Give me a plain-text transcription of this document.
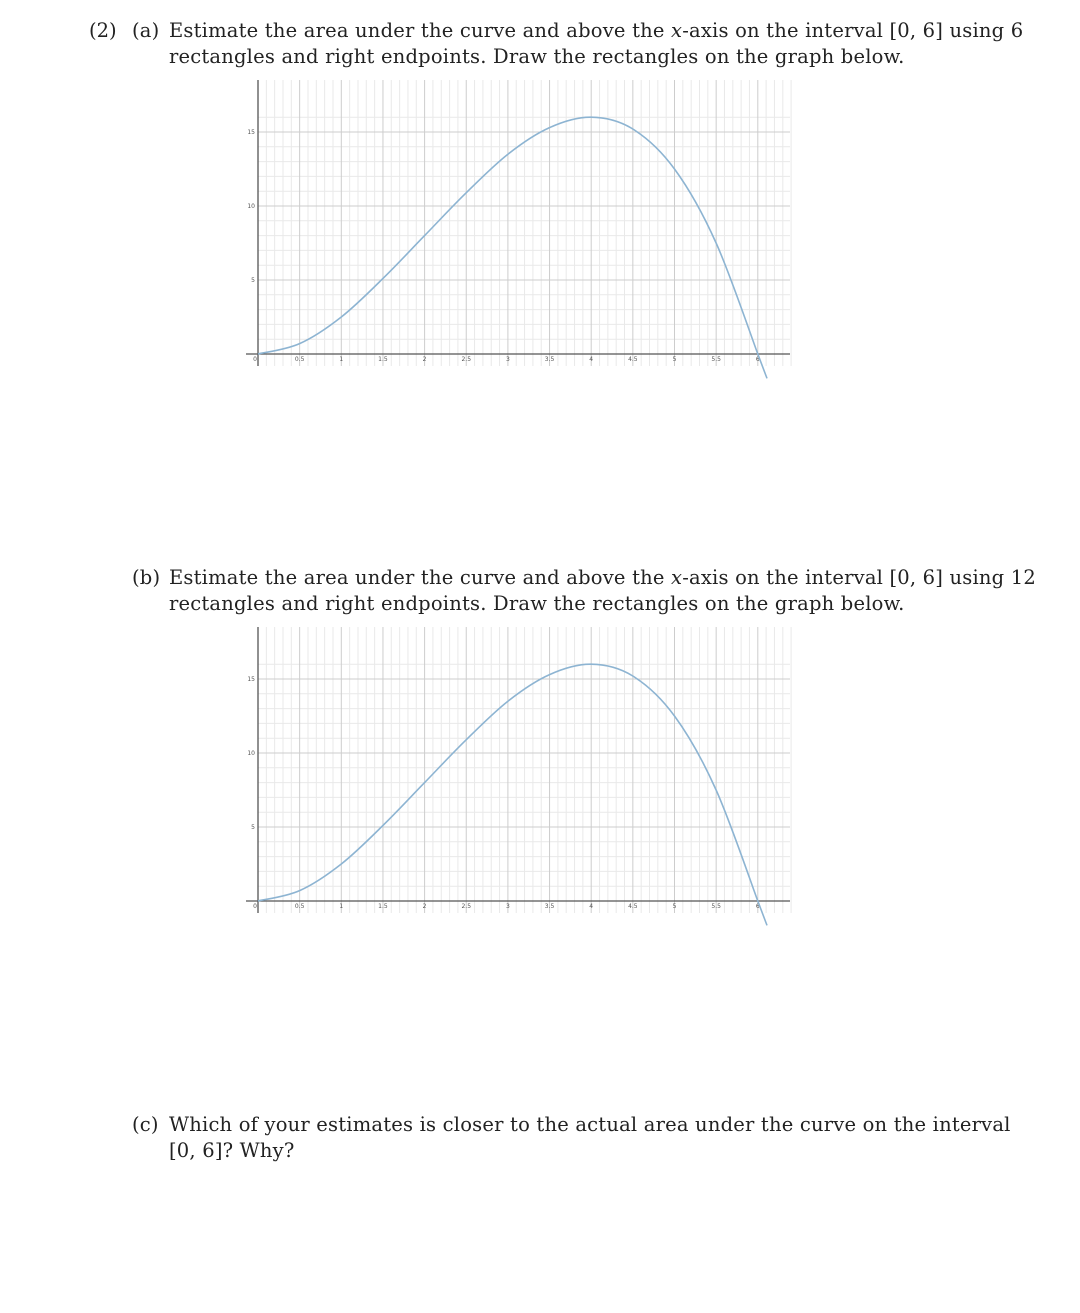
(2) (a) Estimate the area under the curve and above the x-axis on the interval [0, 6] using 6
rectangles and right endpoints. Draw the rectangles on the graph below.
0	0.5	1	1.5	2	2.5	3	3.5	4	4.5	5	5.5	6
5
10
15
(b) Estimate the area under the curve and above the x-axis on the interval [0, 6] using 12
rectangles and right endpoints. Draw the rectangles on the graph below.
0	0.5	1	1.5	2	2.5	3	3.5	4	4.5	5	5.5	6
5
10
15
(c) Which of your estimates is closer to the actual area under the curve on the interval
[0, 6]? Why?
